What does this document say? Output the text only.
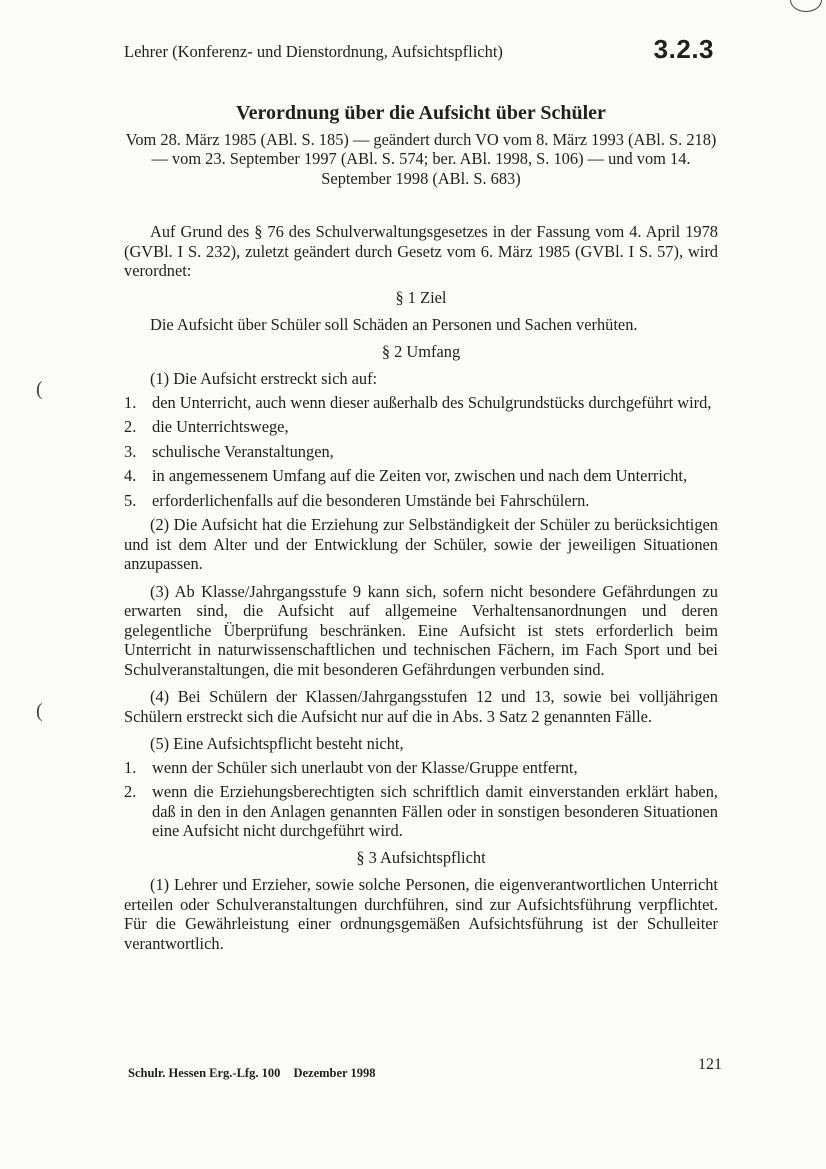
Lehrer (Konferenz- und Dienstordnung, Aufsichtspflicht)	3.2.3
(
(
Verordnung über die Aufsicht über Schüler
Vom 28. März 1985 (ABl. S. 185) — geändert durch VO vom 8. März 1993 (ABl. S. 218) — vom 23. September 1997 (ABl. S. 574; ber. ABl. 1998, S. 106) — und vom 14. September 1998 (ABl. S. 683)

Auf Grund des § 76 des Schulverwaltungsgesetzes in der Fassung vom 4. April 1978 (GVBl. I S. 232), zuletzt geändert durch Gesetz vom 6. März 1985 (GVBl. I S. 57), wird verordnet:

§ 1 Ziel

Die Aufsicht über Schüler soll Schäden an Personen und Sachen verhüten.

§ 2 Umfang

(1) Die Aufsicht erstreckt sich auf:

1. den Unterricht, auch wenn dieser außerhalb des Schulgrundstücks durchgeführt wird,
2. die Unterrichtswege,
3. schulische Veranstaltungen,
4. in angemessenem Umfang auf die Zeiten vor, zwischen und nach dem Unterricht,
5. erforderlichenfalls auf die besonderen Umstände bei Fahrschülern.

(2) Die Aufsicht hat die Erziehung zur Selbständigkeit der Schüler zu berücksichtigen und ist dem Alter und der Entwicklung der Schüler, sowie der jeweiligen Situationen anzupassen.

(3) Ab Klasse/Jahrgangsstufe 9 kann sich, sofern nicht besondere Gefährdungen zu erwarten sind, die Aufsicht auf allgemeine Verhaltensanordnungen und deren gelegentliche Überprüfung beschränken. Eine Aufsicht ist stets erforderlich beim Unterricht in naturwissenschaftlichen und technischen Fächern, im Fach Sport und bei Schulveranstaltungen, die mit besonderen Gefährdungen verbunden sind.

(4) Bei Schülern der Klassen/Jahrgangsstufen 12 und 13, sowie bei volljährigen Schülern erstreckt sich die Aufsicht nur auf die in Abs. 3 Satz 2 genannten Fälle.

(5) Eine Aufsichtspflicht besteht nicht,

1. wenn der Schüler sich unerlaubt von der Klasse/Gruppe entfernt,
2. wenn die Erziehungsberechtigten sich schriftlich damit einverstanden erklärt haben, daß in den in den Anlagen genannten Fällen oder in sonstigen besonderen Situationen eine Aufsicht nicht durchgeführt wird.
§ 3 Aufsichtspflicht

(1) Lehrer und Erzieher, sowie solche Personen, die eigenverantwortlichen Unterricht erteilen oder Schulveranstaltungen durchführen, sind zur Aufsichtsführung verpflichtet. Für die Gewährleistung einer ordnungsgemäßen Aufsichtsführung ist der Schulleiter verantwortlich.

Schulr. Hessen Erg.-Lfg. 100 Dezember 1998	121
